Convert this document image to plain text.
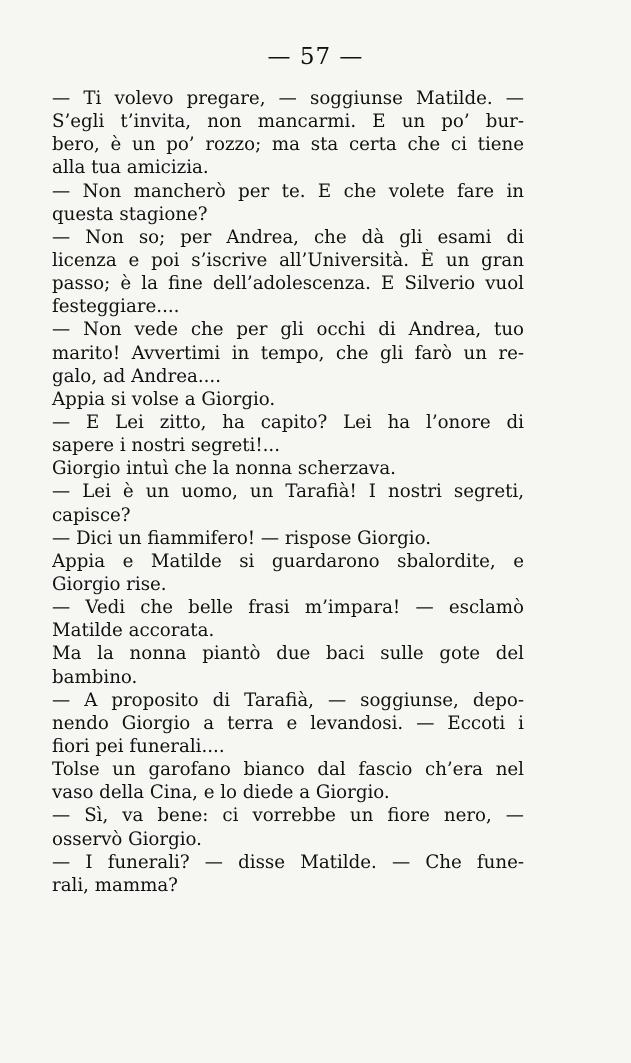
— 57 —
— Ti volevo pregare, — soggiunse Matilde. —
S’egli t’invita, non mancarmi. E un po’ bur-
bero, è un po’ rozzo; ma sta certa che ci tiene
alla tua amicizia.
— Non mancherò per te. E che volete fare in
questa stagione?
— Non so; per Andrea, che dà gli esami di
licenza e poi s’iscrive all’Università. È un gran
passo; è la fine dell’adolescenza. E Silverio vuol
festeggiare....
— Non vede che per gli occhi di Andrea, tuo
marito! Avvertimi in tempo, che gli farò un re-
galo, ad Andrea....
Appia si volse a Giorgio.
— E Lei zitto, ha capito? Lei ha l’onore di
sapere i nostri segreti!...
Giorgio intuì che la nonna scherzava.
— Lei è un uomo, un Tarafià! I nostri segreti,
capisce?
— Dici un fiammifero! — rispose Giorgio.
Appia e Matilde si guardarono sbalordite, e
Giorgio rise.
— Vedi che belle frasi m’impara! — esclamò
Matilde accorata.
Ma la nonna piantò due baci sulle gote del
bambino.
— A proposito di Tarafià, — soggiunse, depo-
nendo Giorgio a terra e levandosi. — Eccoti i
fiori pei funerali....
Tolse un garofano bianco dal fascio ch’era nel
vaso della Cina, e lo diede a Giorgio.
— Sì, va bene: ci vorrebbe un fiore nero, —
osservò Giorgio.
— I funerali? — disse Matilde. — Che fune-
rali, mamma?
